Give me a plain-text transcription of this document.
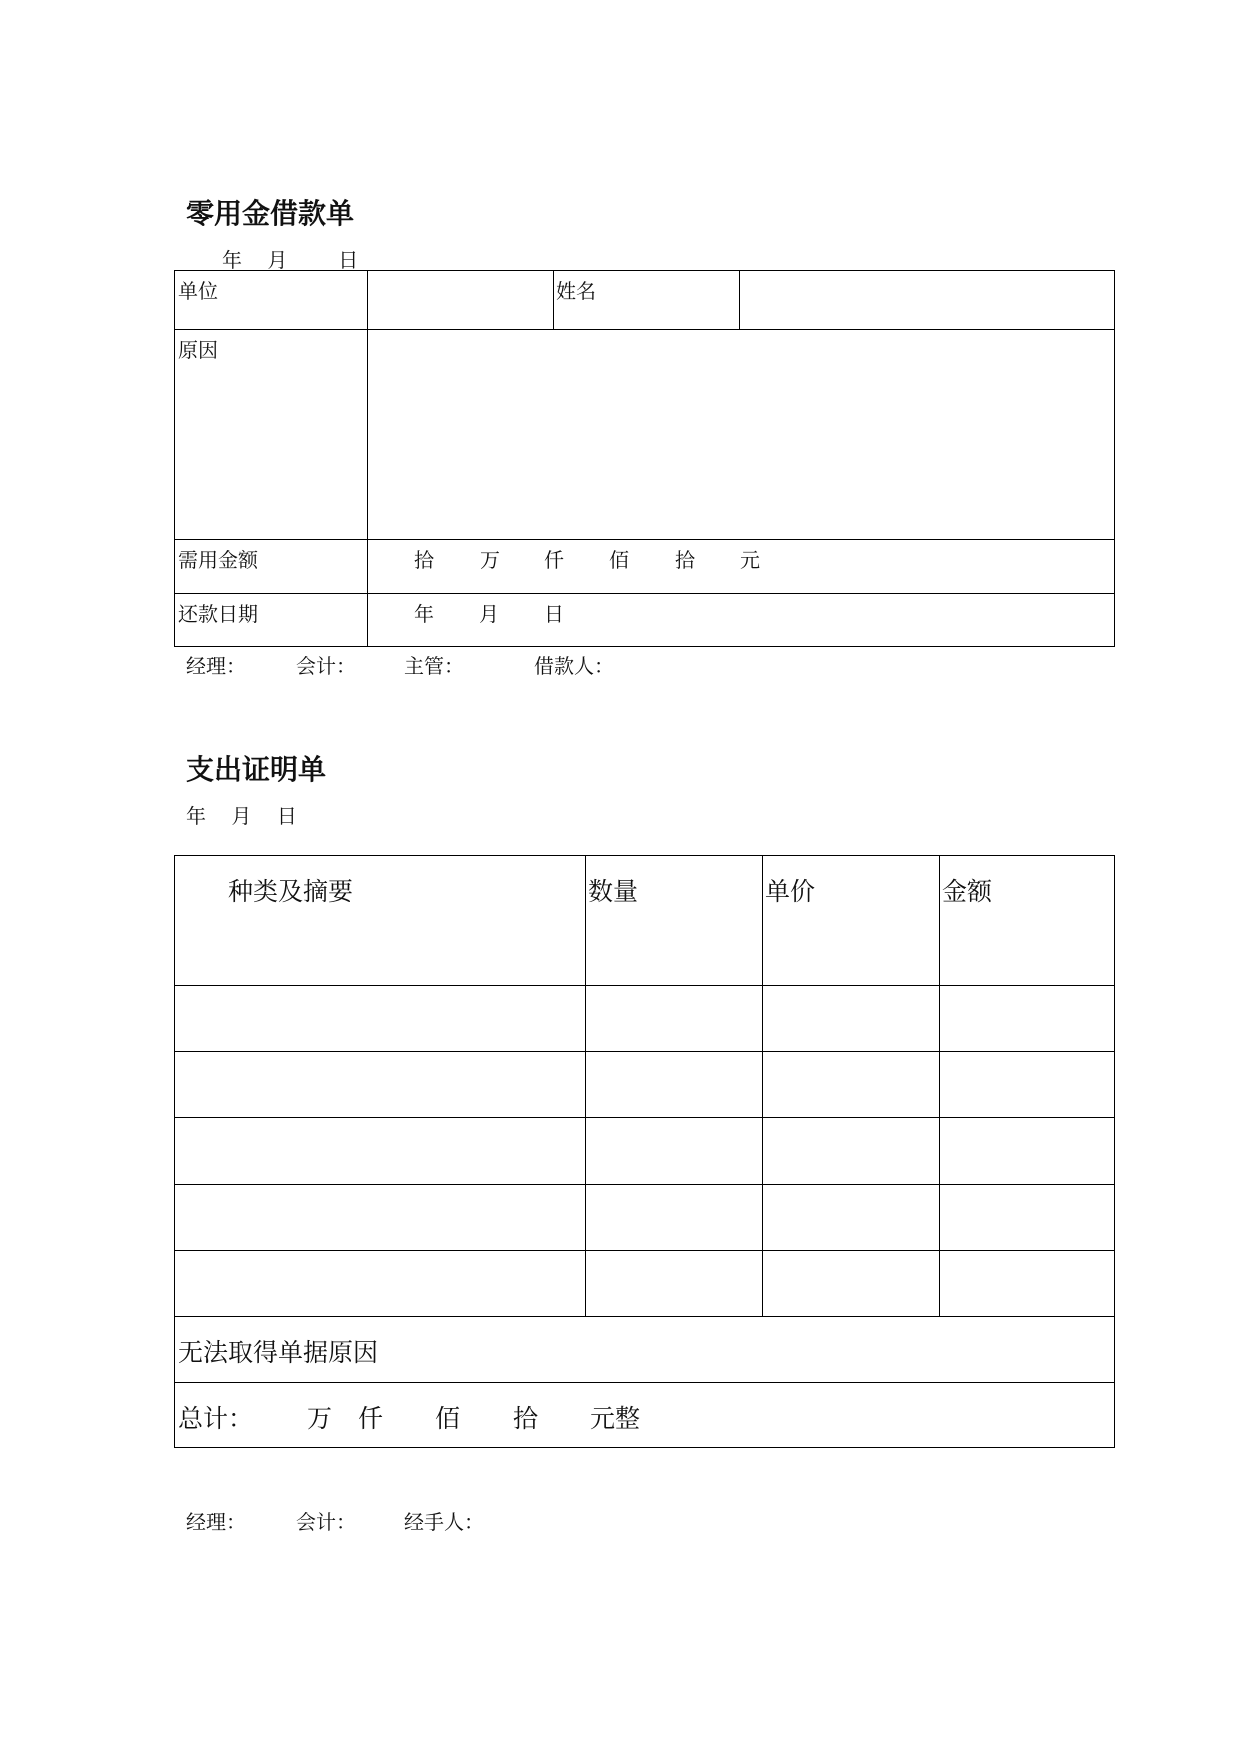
零用金借款单
年    月        日
单位	姓名
原因
需用金额	拾 万 仟 佰 拾 元
还款日期	年 月 日
经理：	会计： 主管：	借款人：
支出证明单
年    月    日
种类及摘要	数量	单价	金额
无法取得单据原因
总计： 万 仟 佰 拾 元整
经理：	会计： 经手人：
